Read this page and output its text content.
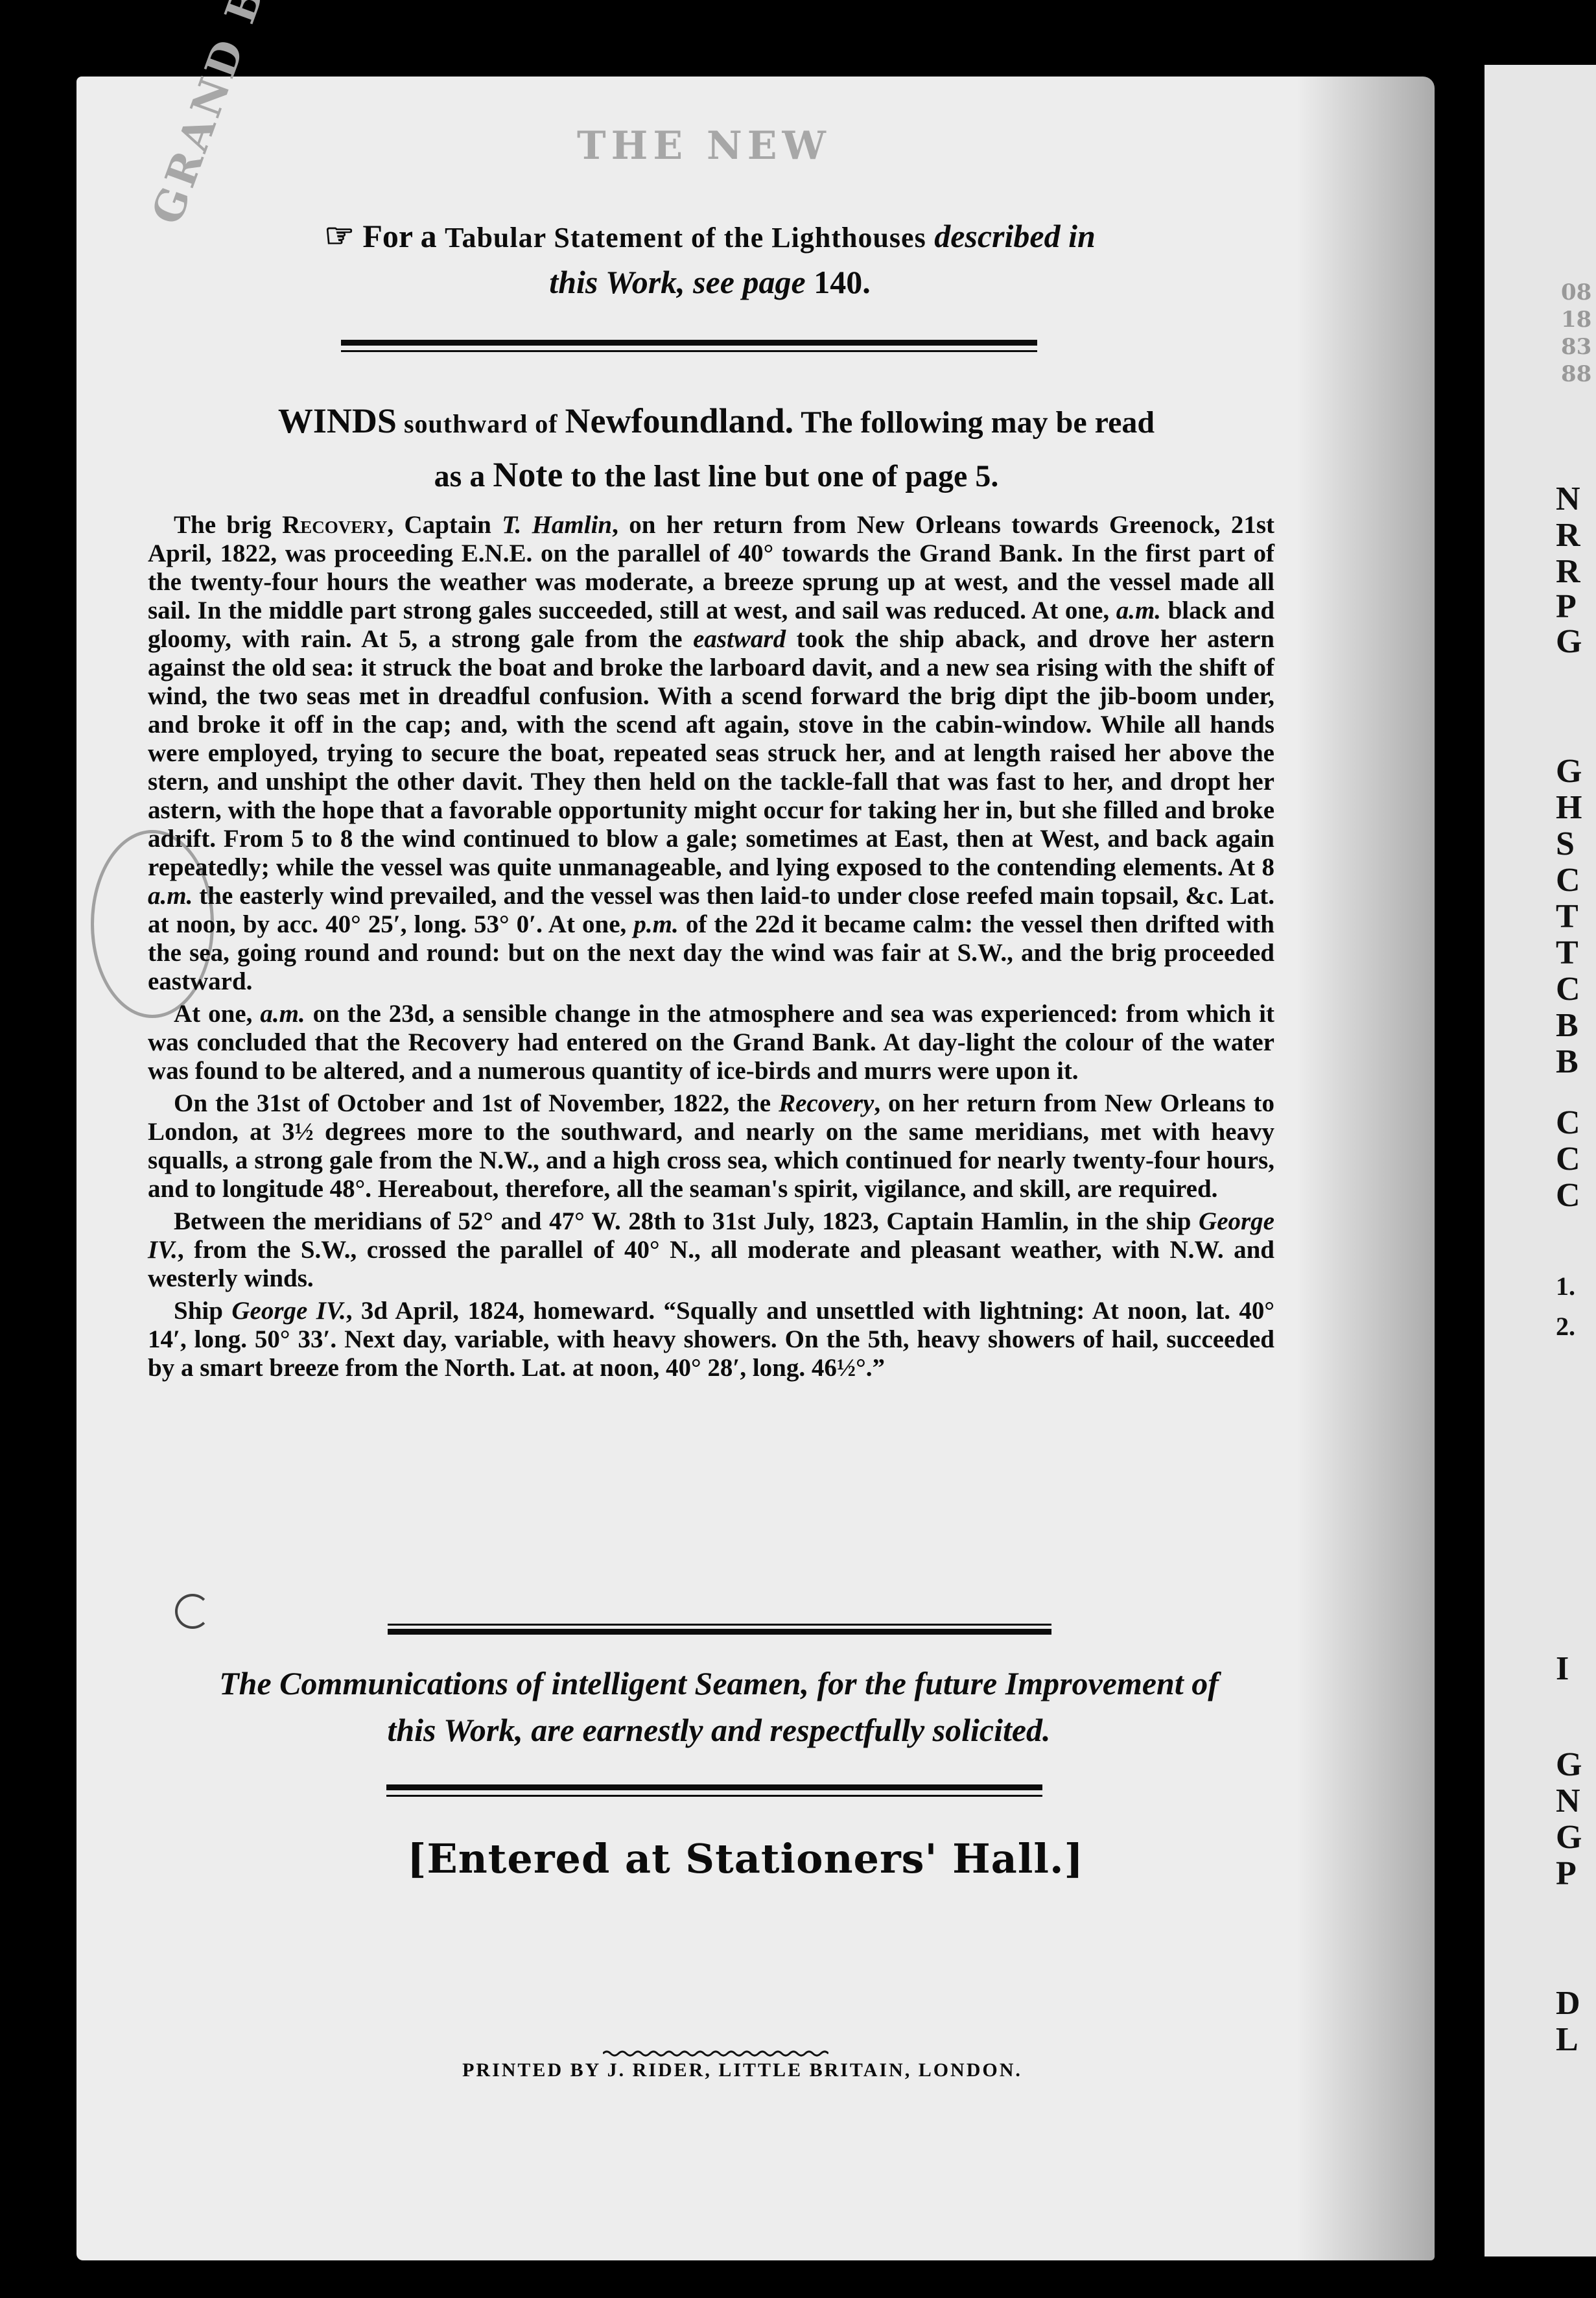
THE NEW
☞ For a Tabular Statement of the Lighthouses described in
this Work, see page 140.
WINDS southward of Newfoundland. The following may be read
as a Note to the last line but one of page 5.

The brig Recovery, Captain T. Hamlin, on her return from New Orleans towards Greenock, 21st April, 1822, was proceeding E.N.E. on the parallel of 40° towards the Grand Bank. In the first part of the twenty-four hours the weather was moderate, a breeze sprung up at west, and the vessel made all sail. In the middle part strong gales succeeded, still at west, and sail was reduced. At one, a.m. black and gloomy, with rain. At 5, a strong gale from the eastward took the ship aback, and drove her astern against the old sea: it struck the boat and broke the larboard davit, and a new sea rising with the shift of wind, the two seas met in dreadful confusion. With a scend forward the brig dipt the jib-boom under, and broke it off in the cap; and, with the scend aft again, stove in the cabin-window. While all hands were employed, trying to secure the boat, repeated seas struck her, and at length raised her above the stern, and unshipt the other davit. They then held on the tackle-fall that was fast to her, and dropt her astern, with the hope that a favorable opportunity might occur for taking her in, but she filled and broke adrift. From 5 to 8 the wind continued to blow a gale; sometimes at East, then at West, and back again repeatedly; while the vessel was quite unmanageable, and lying exposed to the contending elements. At 8 a.m. the easterly wind prevailed, and the vessel was then laid-to under close reefed main topsail, &c. Lat. at noon, by acc. 40° 25′, long. 53° 0′. At one, p.m. of the 22d it became calm: the vessel then drifted with the sea, going round and round: but on the next day the wind was fair at S.W., and the brig proceeded eastward.

At one, a.m. on the 23d, a sensible change in the atmosphere and sea was experienced: from which it was concluded that the Recovery had entered on the Grand Bank. At day-light the colour of the water was found to be altered, and a numerous quantity of ice-birds and murrs were upon it.

On the 31st of October and 1st of November, 1822, the Recovery, on her return from New Orleans to London, at 3½ degrees more to the southward, and nearly on the same meridians, met with heavy squalls, a strong gale from the N.W., and a high cross sea, which continued for nearly twenty-four hours, and to longitude 48°. Hereabout, therefore, all the seaman's spirit, vigilance, and skill, are required.

Between the meridians of 52° and 47° W. 28th to 31st July, 1823, Captain Hamlin, in the ship George IV., from the S.W., crossed the parallel of 40° N., all moderate and pleasant weather, with N.W. and westerly winds.

Ship George IV., 3d April, 1824, homeward. “Squally and unsettled with lightning: At noon, lat. 40° 14′, long. 50° 33′. Next day, variable, with heavy showers. On the 5th, heavy showers of hail, succeeded by a smart breeze from the North. Lat. at noon, 40° 28′, long. 46½°.”

The Communications of intelligent Seamen, for the future Improvement of
this Work, are earnestly and respectfully solicited.
[Entered at Stationers' Hall.]
PRINTED BY J. RIDER, LITTLE BRITAIN, LONDON.
N
R
R
P
G
G
H
S
C
T
T
C
B
B
C
C
C
1.
2.
I
G
N
G
P
D
L
08
18
83
88
